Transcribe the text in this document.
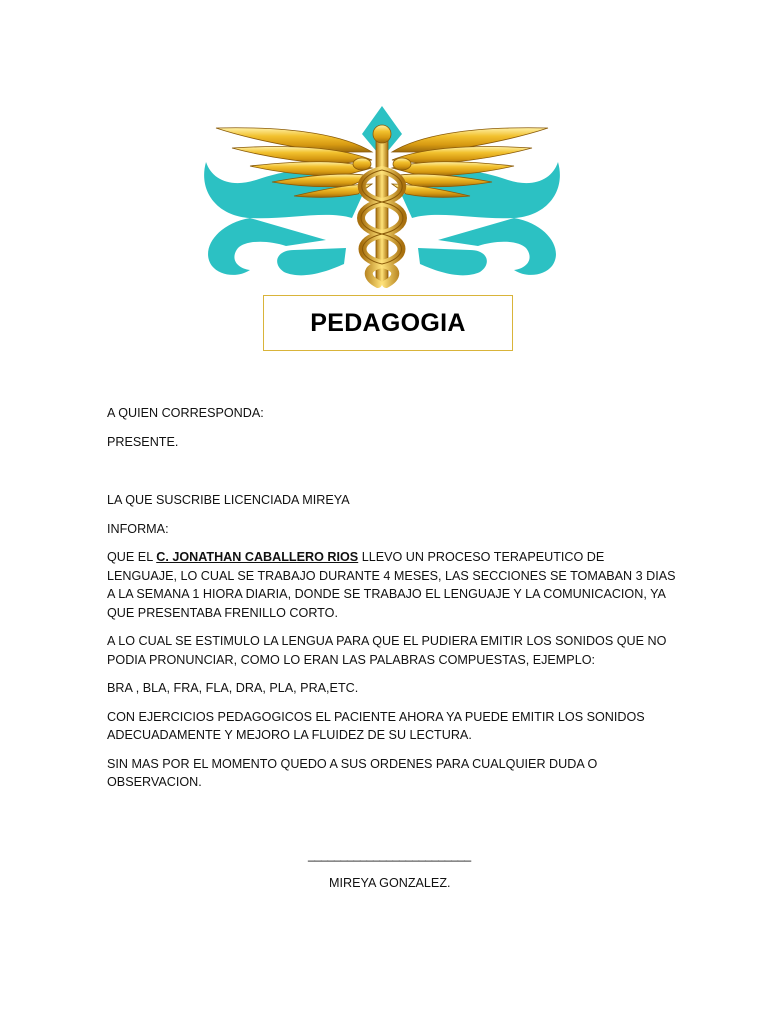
PEDAGOGIA

A QUIEN CORRESPONDA:

PRESENTE.

LA QUE SUSCRIBE LICENCIADA MIREYA

INFORMA:

QUE EL C. JONATHAN CABALLERO RIOS LLEVO UN PROCESO TERAPEUTICO DE LENGUAJE, LO CUAL SE TRABAJO DURANTE 4 MESES, LAS SECCIONES SE TOMABAN 3 DIAS A LA SEMANA 1 HIORA DIARIA, DONDE SE TRABAJO EL LENGUAJE Y LA COMUNICACION, YA QUE PRESENTABA FRENILLO CORTO.

A LO CUAL SE ESTIMULO LA LENGUA PARA QUE EL PUDIERA EMITIR LOS SONIDOS QUE NO PODIA PRONUNCIAR, COMO LO ERAN LAS PALABRAS COMPUESTAS, EJEMPLO:

BRA , BLA, FRA, FLA, DRA, PLA, PRA,ETC.

CON EJERCICIOS PEDAGOGICOS EL PACIENTE AHORA YA PUEDE EMITIR LOS SONIDOS ADECUADAMENTE Y MEJORO LA FLUIDEZ DE SU LECTURA.

SIN MAS POR EL MOMENTO QUEDO A SUS ORDENES PARA CUALQUIER DUDA O OBSERVACION.

_________________________
MIREYA GONZALEZ.
